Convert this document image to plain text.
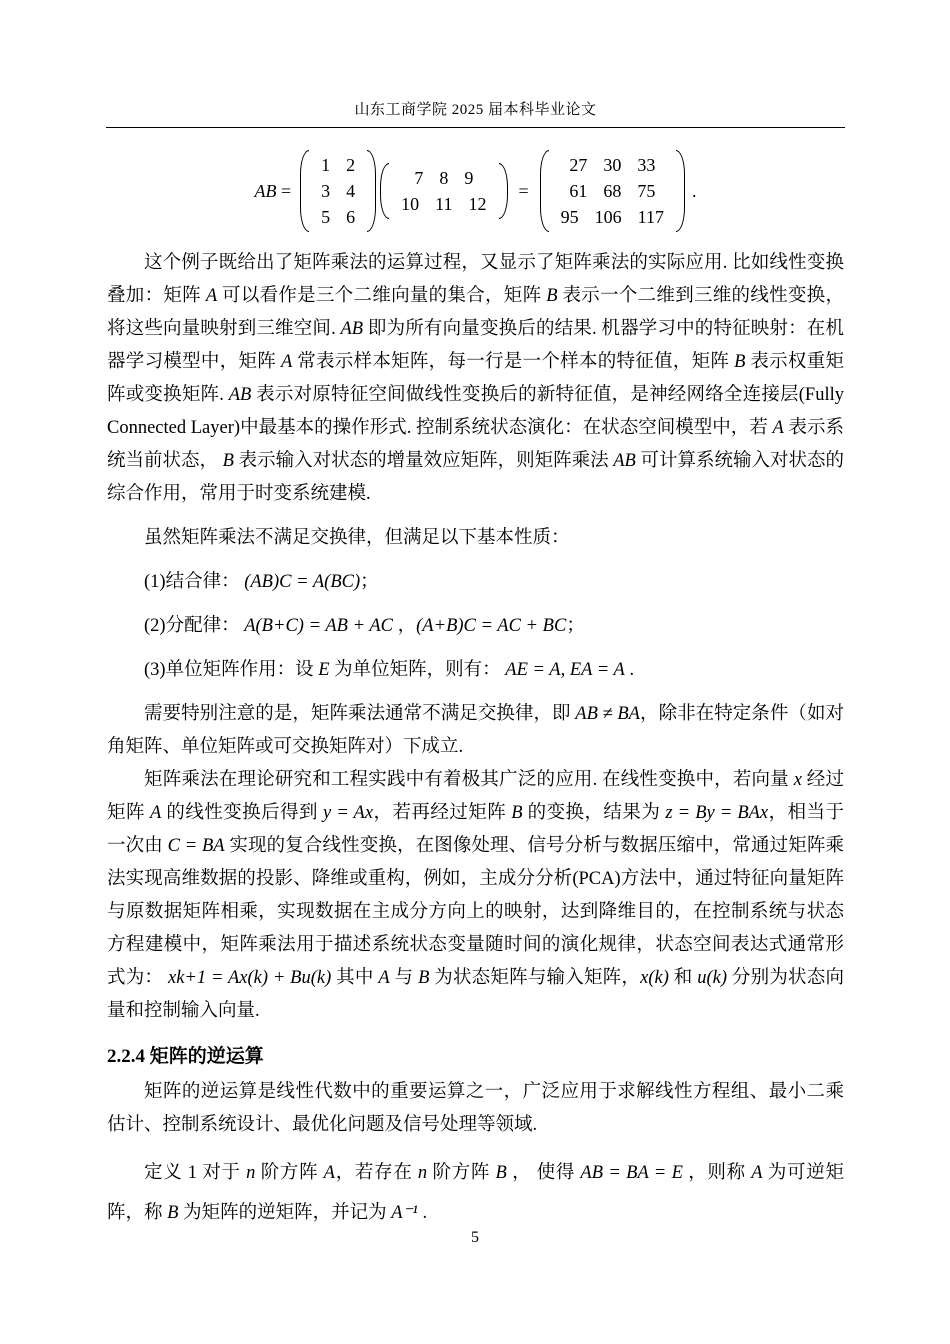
山东工商学院 2025 届本科毕业论文
AB =
1 2
3 4
5 6
7 8 9
10 11 12
=
27 30 33
61 68 75
95 106 117
.

这个例子既给出了矩阵乘法的运算过程，又显示了矩阵乘法的实际应用. 比如线性变换叠加：矩阵 A 可以看作是三个二维向量的集合，矩阵 B 表示一个二维到三维的线性变换，将这些向量映射到三维空间. AB 即为所有向量变换后的结果. 机器学习中的特征映射：在机器学习模型中，矩阵 A 常表示样本矩阵，每一行是一个样本的特征值，矩阵 B 表示权重矩阵或变换矩阵. AB 表示对原特征空间做线性变换后的新特征值，是神经网络全连接层(Fully Connected Layer)中最基本的操作形式. 控制系统状态演化：在状态空间模型中，若 A 表示系统当前状态， B 表示输入对状态的增量效应矩阵，则矩阵乘法 AB 可计算系统输入对状态的综合作用，常用于时变系统建模.

虽然矩阵乘法不满足交换律，但满足以下基本性质：

(1)结合律： (AB)C = A(BC)；

(2)分配律： A(B+C) = AB + AC ，(A+B)C = AC + BC；

(3)单位矩阵作用：设 E 为单位矩阵，则有： AE = A, EA = A .

需要特别注意的是，矩阵乘法通常不满足交换律，即 AB ≠ BA，除非在特定条件（如对角矩阵、单位矩阵或可交换矩阵对）下成立.

矩阵乘法在理论研究和工程实践中有着极其广泛的应用. 在线性变换中，若向量 x 经过矩阵 A 的线性变换后得到 y = Ax，若再经过矩阵 B 的变换，结果为 z = By = BAx，相当于一次由 C = BA 实现的复合线性变换，在图像处理、信号分析与数据压缩中，常通过矩阵乘法实现高维数据的投影、降维或重构，例如，主成分分析(PCA)方法中，通过特征向量矩阵与原数据矩阵相乘，实现数据在主成分方向上的映射，达到降维目的，在控制系统与状态方程建模中，矩阵乘法用于描述系统状态变量随时间的演化规律，状态空间表达式通常形式为： xk+1 = Ax(k) + Bu(k) 其中 A 与 B 为状态矩阵与输入矩阵，x(k) 和 u(k) 分别为状态向量和控制输入向量.

2.2.4 矩阵的逆运算

矩阵的逆运算是线性代数中的重要运算之一，广泛应用于求解线性方程组、最小二乘估计、控制系统设计、最优化问题及信号处理等领域.

定义 1 对于 n 阶方阵 A，若存在 n 阶方阵 B ， 使得 AB = BA = E ，则称 A 为可逆矩阵，称 B 为矩阵的逆矩阵，并记为 A⁻¹ .

5
